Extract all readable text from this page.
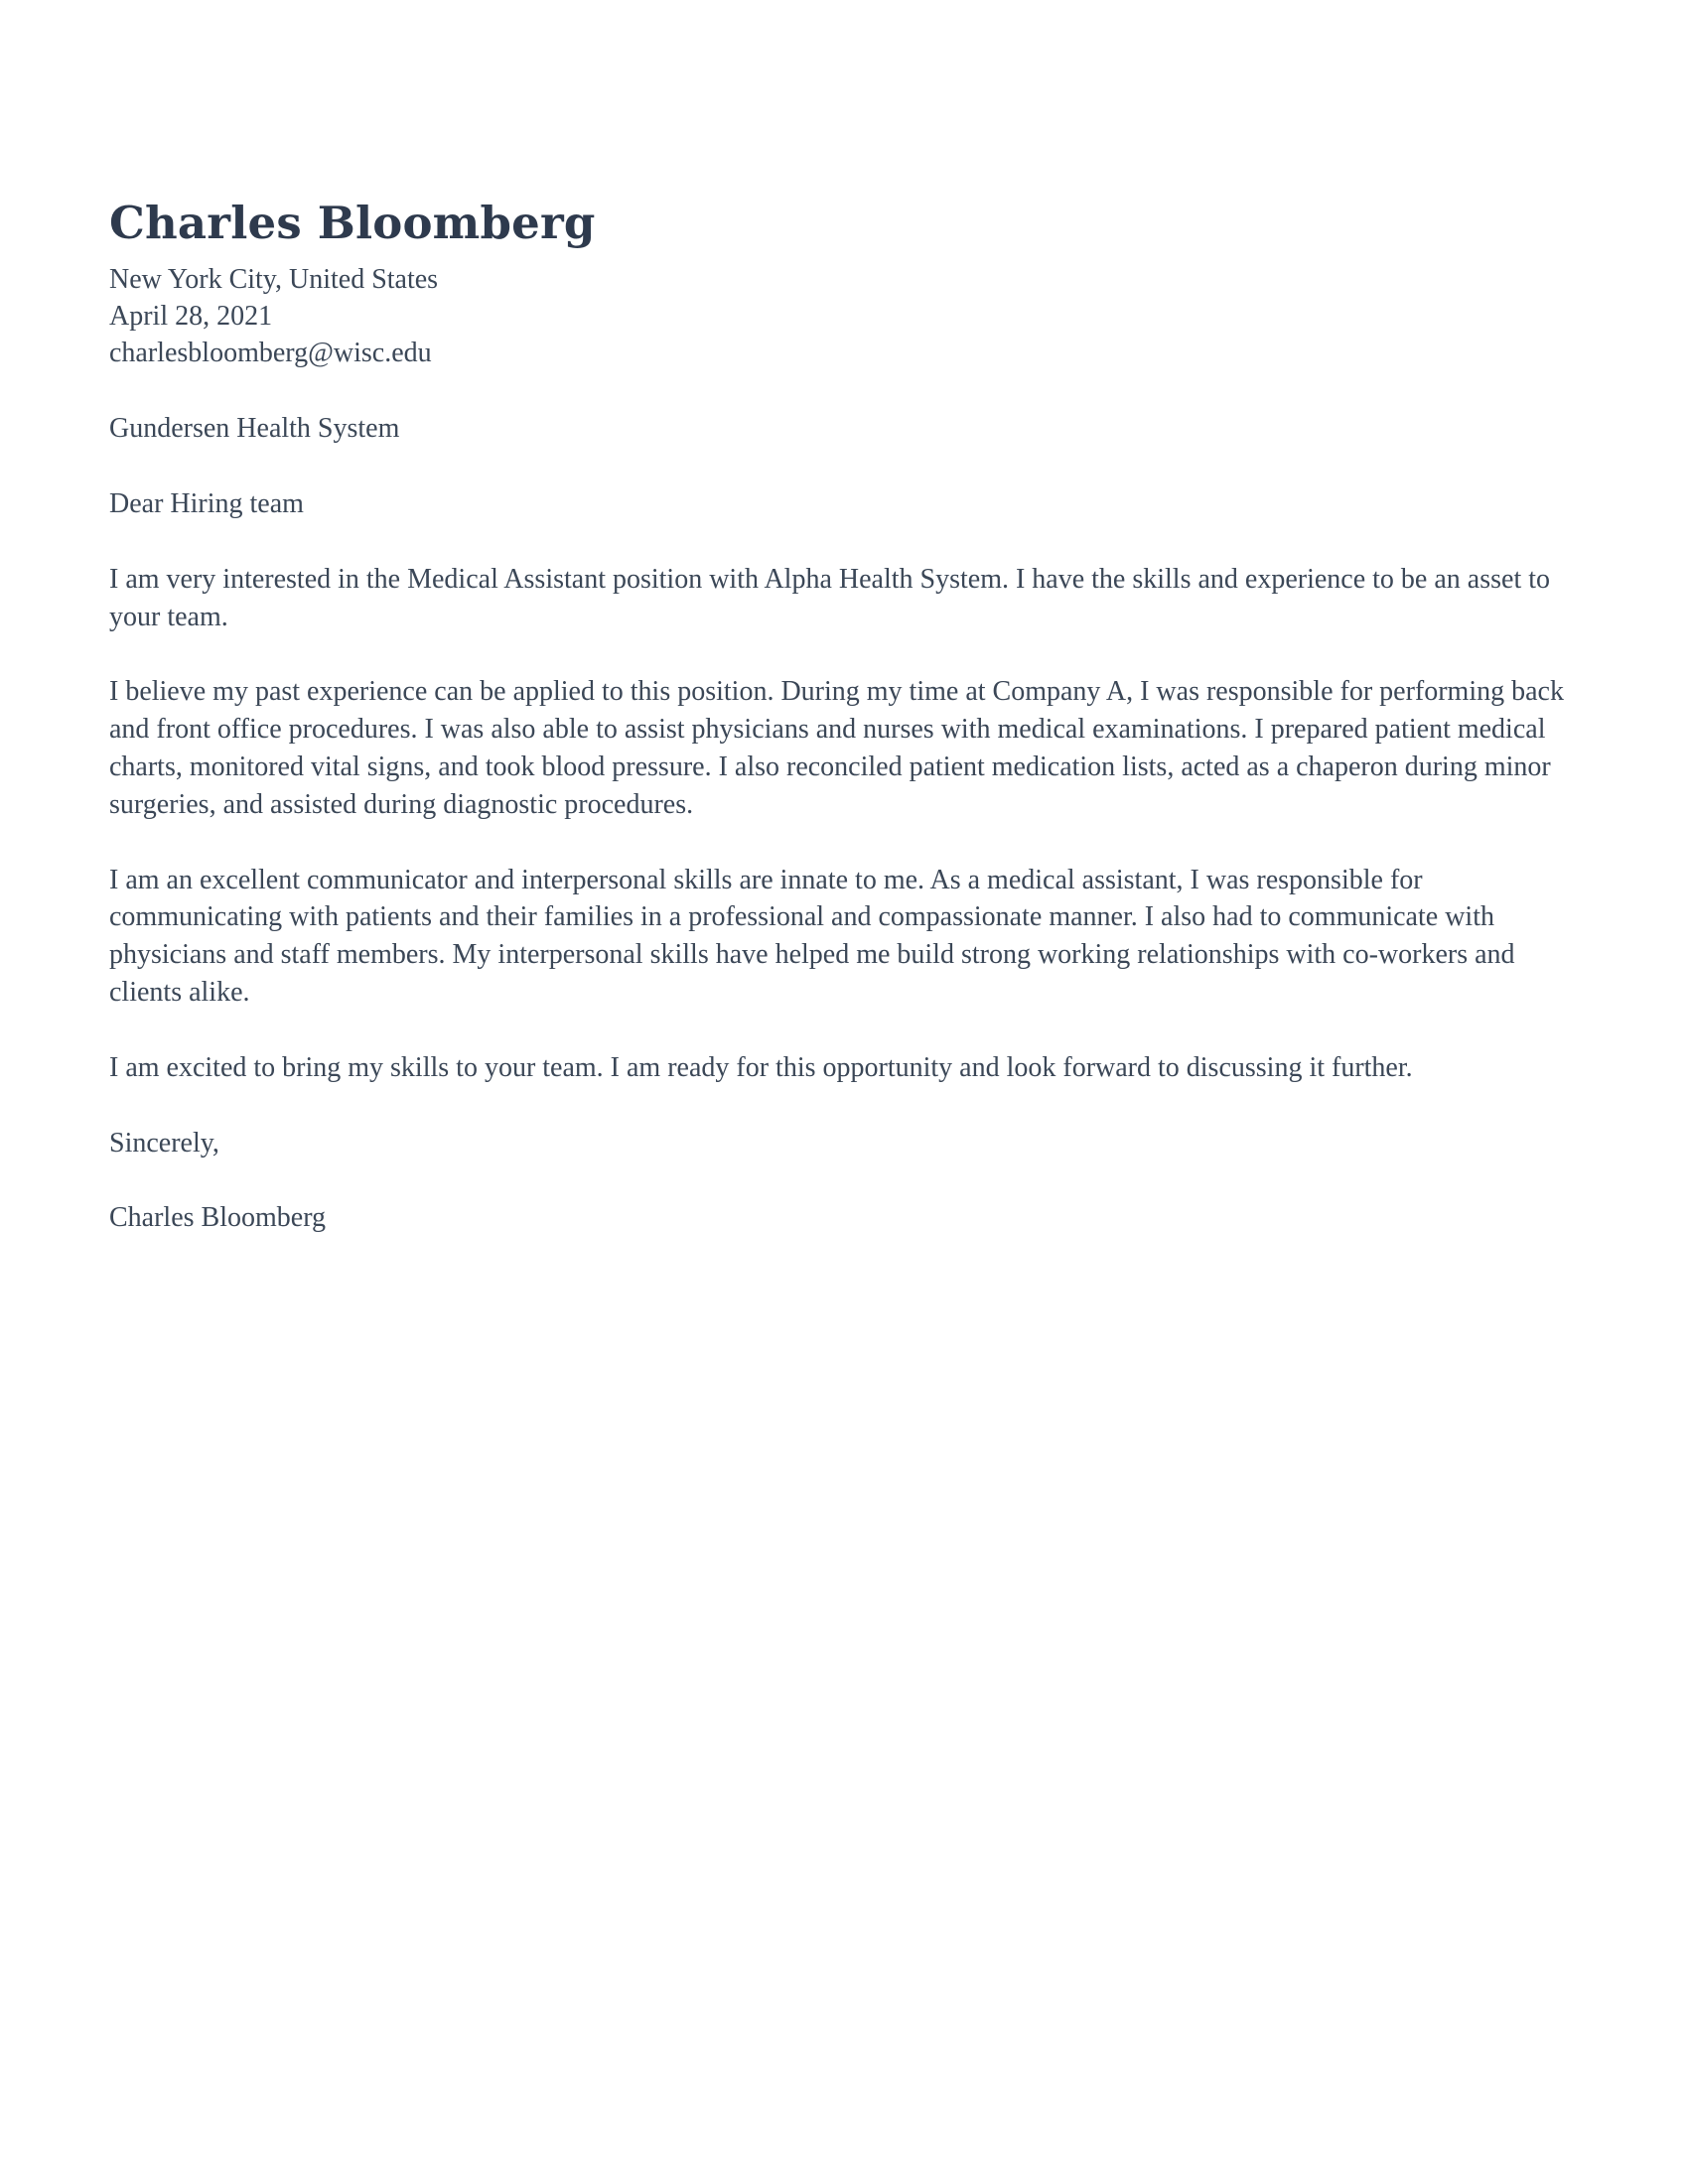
Charles Bloomberg

New York City, United States

April 28, 2021

charlesbloomberg@wisc.edu

Gundersen Health System

Dear Hiring team

I am very interested in the Medical Assistant position with Alpha Health System. I have the skills and experience to be an asset to your team.

I believe my past experience can be applied to this position. During my time at Company A, I was responsible for performing back and front office procedures. I was also able to assist physicians and nurses with medical examinations. I prepared patient medical charts, monitored vital signs, and took blood pressure. I also reconciled patient medication lists, acted as a chaperon during minor surgeries, and assisted during diagnostic procedures.

I am an excellent communicator and interpersonal skills are innate to me. As a medical assistant, I was responsible for communicating with patients and their families in a professional and compassionate manner. I also had to communicate with physicians and staff members. My interpersonal skills have helped me build strong working relationships with co-workers and clients alike.

I am excited to bring my skills to your team. I am ready for this opportunity and look forward to discussing it further.

Sincerely,

Charles Bloomberg
